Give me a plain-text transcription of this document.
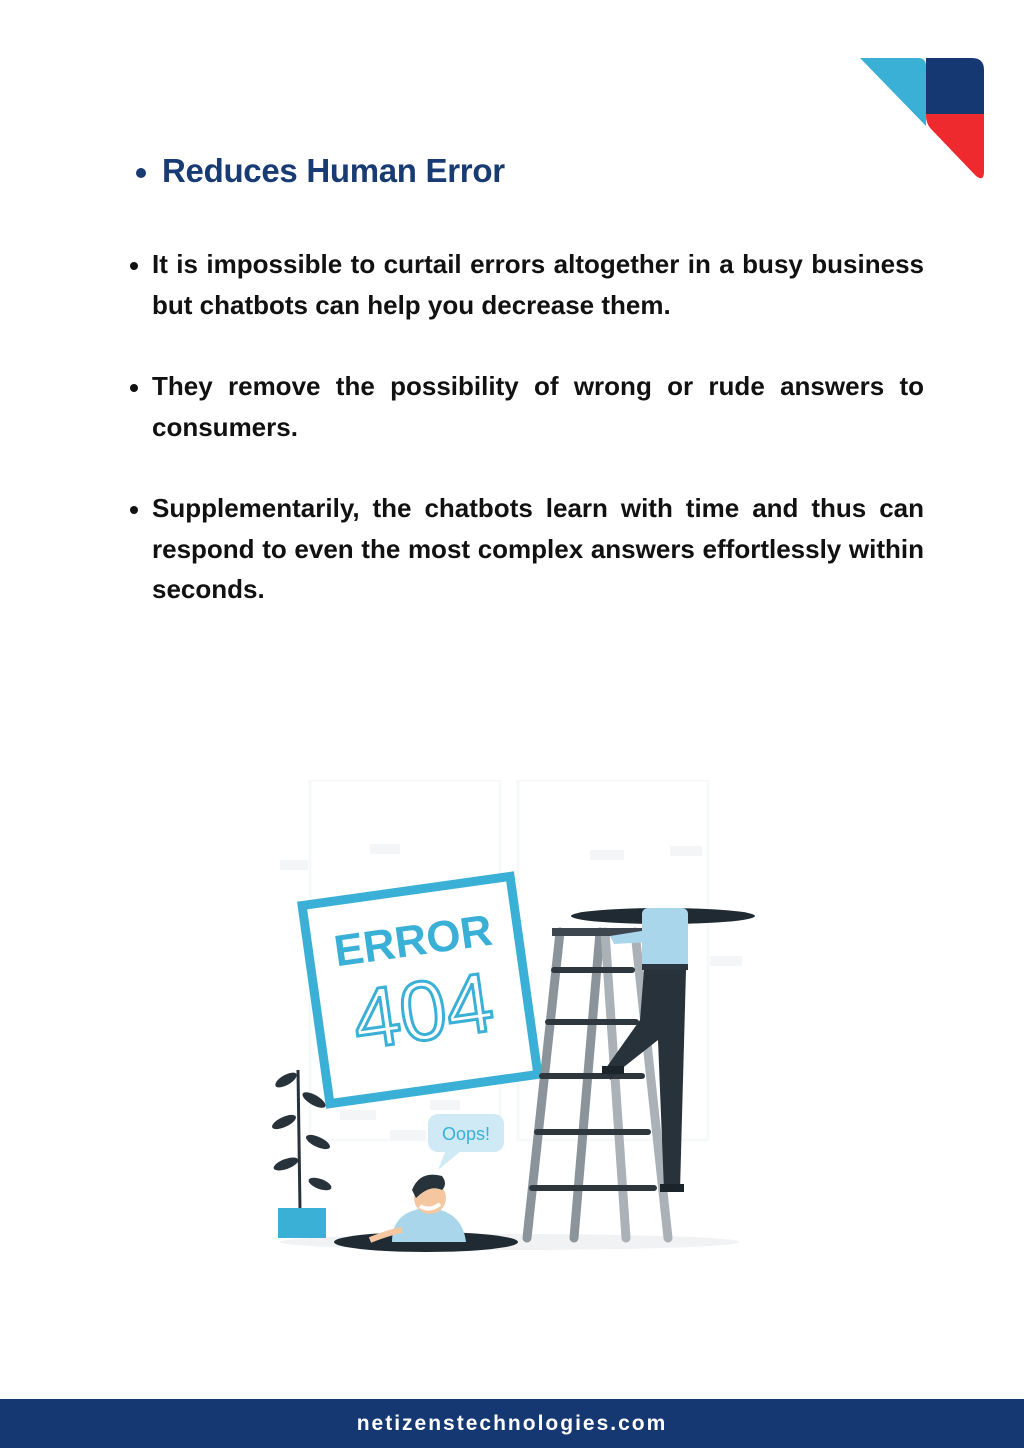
Reduces Human Error
It is impossible to curtail errors altogether in a busy business but chatbots can help you decrease them.
They remove the possibility of wrong or rude answers to consumers.
Supplementarily, the chatbots learn with time and thus can respond to even the most complex answers effortlessly within seconds.
ERROR
404
Oops!
netizenstechnologies.com
